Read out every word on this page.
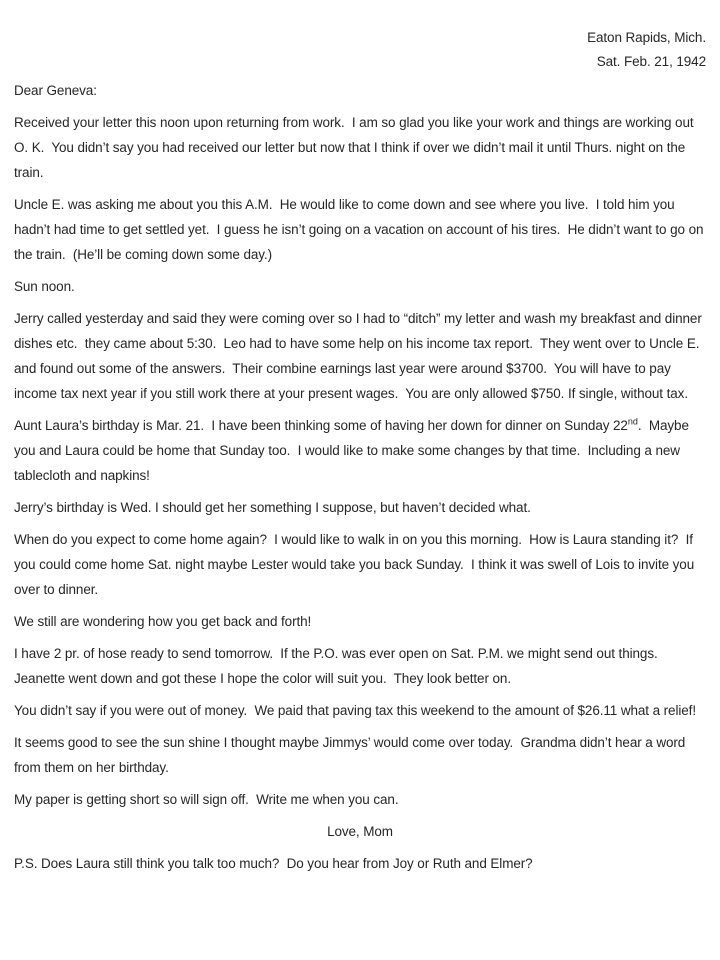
Eaton Rapids, Mich.

Sat. Feb. 21, 1942

Dear Geneva:

Received your letter this noon upon returning from work.  I am so glad you like your work and things are working out O. K.  You didn’t say you had received our letter but now that I think if over we didn’t mail it until Thurs. night on the train.

Uncle E. was asking me about you this A.M.  He would like to come down and see where you live.  I told him you hadn’t had time to get settled yet.  I guess he isn’t going on a vacation on account of his tires.  He didn’t want to go on the train.  (He’ll be coming down some day.)

Sun noon.

Jerry called yesterday and said they were coming over so I had to “ditch” my letter and wash my breakfast and dinner dishes etc.  they came about 5:30.  Leo had to have some help on his income tax report.  They went over to Uncle E. and found out some of the answers.  Their combine earnings last year were around $3700.  You will have to pay income tax next year if you still work there at your present wages.  You are only allowed $750. If single, without tax.

Aunt Laura’s birthday is Mar. 21.  I have been thinking some of having her down for dinner on Sunday 22nd.  Maybe you and Laura could be home that Sunday too.  I would like to make some changes by that time.  Including a new tablecloth and napkins!

Jerry’s birthday is Wed. I should get her something I suppose, but haven’t decided what.

When do you expect to come home again?  I would like to walk in on you this morning.  How is Laura standing it?  If you could come home Sat. night maybe Lester would take you back Sunday.  I think it was swell of Lois to invite you over to dinner.

We still are wondering how you get back and forth!

I have 2 pr. of hose ready to send tomorrow.  If the P.O. was ever open on Sat. P.M. we might send out things.  Jeanette went down and got these I hope the color will suit you.  They look better on.

You didn’t say if you were out of money.  We paid that paving tax this weekend to the amount of $26.11 what a relief!

It seems good to see the sun shine I thought maybe Jimmys’ would come over today.  Grandma didn’t hear a word from them on her birthday.

My paper is getting short so will sign off.  Write me when you can.

Love, Mom

P.S. Does Laura still think you talk too much?  Do you hear from Joy or Ruth and Elmer?
